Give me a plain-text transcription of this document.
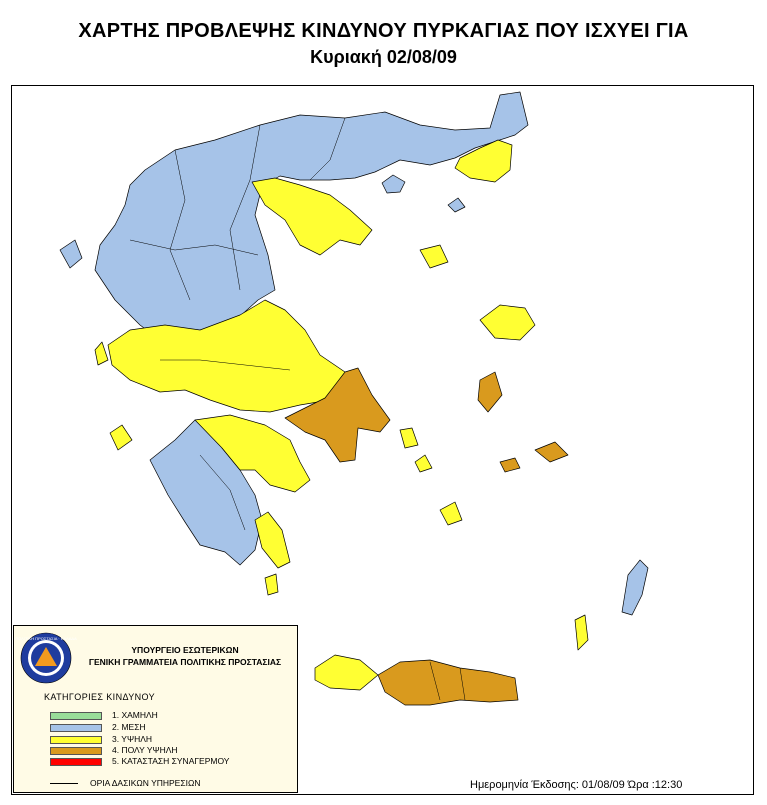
ΧΑΡΤΗΣ ΠΡΟΒΛΕΨΗΣ ΚΙΝΔΥΝΟΥ ΠΥΡΚΑΓΙΑΣ ΠΟΥ ΙΣΧΥΕΙ ΓΙΑ
Κυριακή 02/08/09
ΠΟΛΙΤΙΚΗ ΠΡΟΣΤΑΣΙΑ · ΕΛΛΑΔΑ
ΥΠΟΥΡΓΕΙΟ ΕΣΩΤΕΡΙΚΩΝ
ΓΕΝΙΚΗ ΓΡΑΜΜΑΤΕΙΑ ΠΟΛΙΤΙΚΗΣ ΠΡΟΣΤΑΣΙΑΣ
ΚΑΤΗΓΟΡΙΕΣ ΚΙΝΔΥΝΟΥ
1. ΧΑΜΗΛΗ
2. ΜΕΣΗ
3. ΥΨΗΛΗ
4. ΠΟΛΥ ΥΨΗΛΗ
5. ΚΑΤΑΣΤΑΣΗ ΣΥΝΑΓΕΡΜΟΥ
ΟΡΙΑ ΔΑΣΙΚΩΝ ΥΠΗΡΕΣΙΩΝ	Ημερομηνία Έκδοσης: 01/08/09 Ώρα :12:30
